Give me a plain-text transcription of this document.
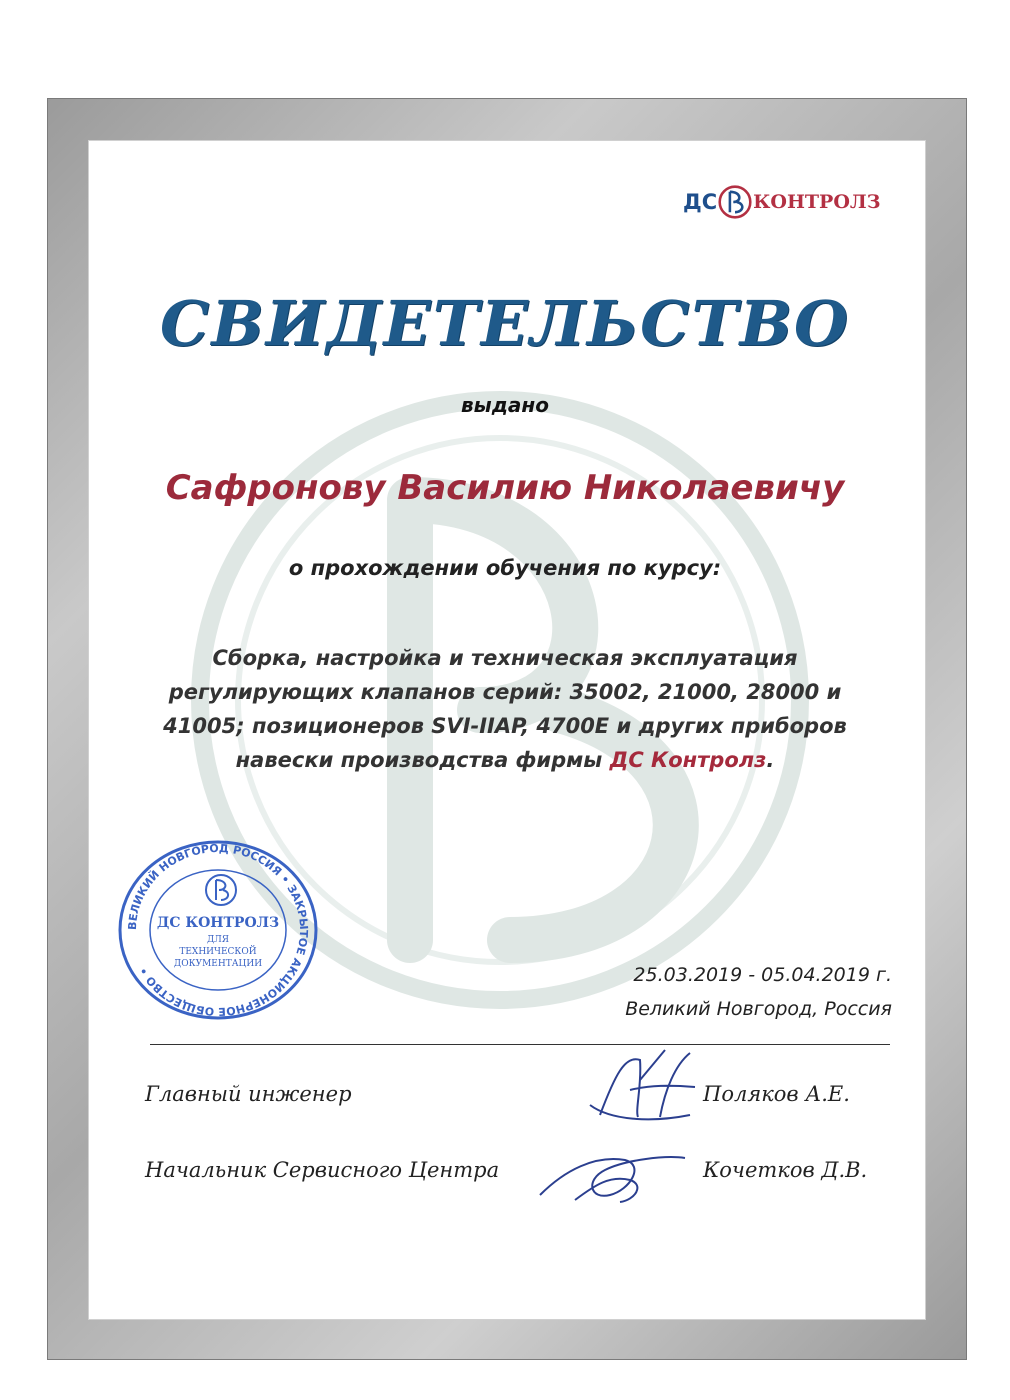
ДС КОНТРОЛЗ
СВИДЕТЕЛЬСТВО
выдано
Сафронову Василию Николаевичу
о прохождении обучения по курсу:
Сборка, настройка и техническая эксплуатация
регулирующих клапанов серий: 35002, 21000, 28000 и
41005; позиционеров SVI-IIAP, 4700E и других приборов
навески производства фирмы ДС Контролз.
ВЕЛИКИЙ НОВГОРОД РОССИЯ • ЗАКРЫТОЕ АКЦИОНЕРНОЕ ОБЩЕСТВО •
ДС КОНТРОЛЗ
ДЛЯ
ТЕХНИЧЕСКОЙ
ДОКУМЕНТАЦИИ	25.03.2019 - 05.04.2019 г.
Великий Новгород, Россия
Главный инженер	Поляков А.Е.
Начальник Сервисного Центра	Кочетков Д.В.
